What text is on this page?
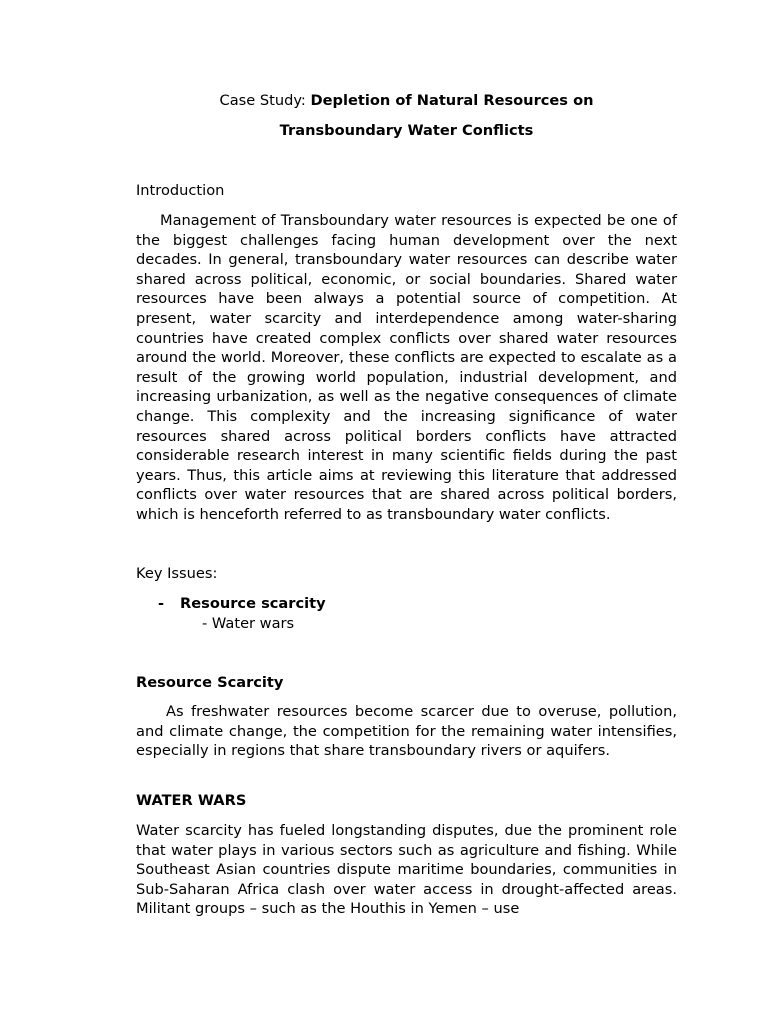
Case Study: Depletion of Natural Resources on
Transboundary Water Conflicts
Introduction
Management of Transboundary water resources is expected be one of the biggest challenges facing human development over the next decades. In general, transboundary water resources can describe water shared across political, economic, or social boundaries. Shared water resources have been always a potential source of competition. At present, water scarcity and interdependence among water-sharing countries have created complex conflicts over shared water resources around the world. Moreover, these conflicts are expected to escalate as a result of the growing world population, industrial development, and increasing urbanization, as well as the negative consequences of climate change. This complexity and the increasing significance of water resources shared across political borders conflicts have attracted considerable research interest in many scientific fields during the past years. Thus, this article aims at reviewing this literature that addressed conflicts over water resources that are shared across political borders, which is henceforth referred to as transboundary water conflicts.
Key Issues:
- Resource scarcity
- Water wars
Resource Scarcity
As freshwater resources become scarcer due to overuse, pollution, and climate change, the competition for the remaining water intensifies, especially in regions that share transboundary rivers or aquifers.
WATER WARS
Water scarcity has fueled longstanding disputes, due the prominent role that water plays in various sectors such as agriculture and fishing. While Southeast Asian countries dispute maritime boundaries, communities in Sub-Saharan Africa clash over water access in drought-affected areas. Militant groups – such as the Houthis in Yemen – use
